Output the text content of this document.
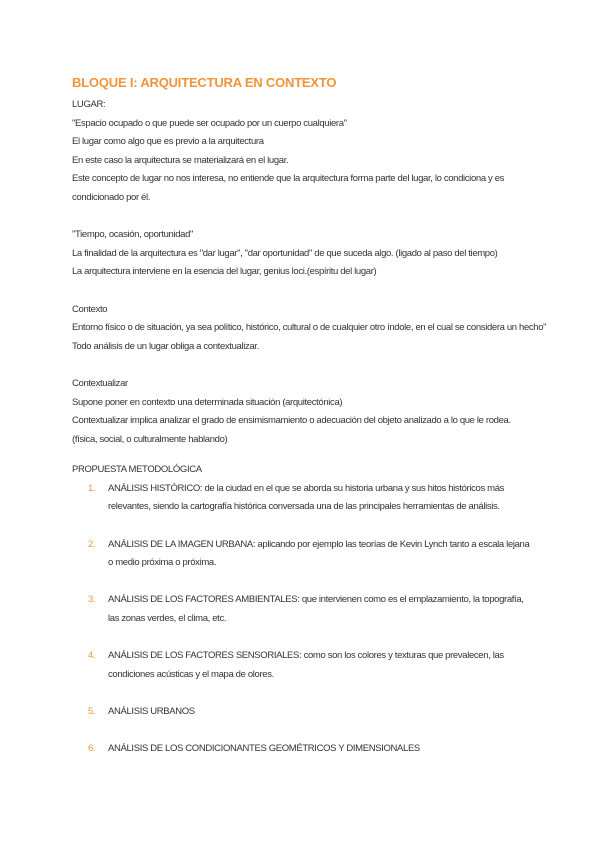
BLOQUE I: ARQUITECTURA EN CONTEXTO

LUGAR:

"Espacio ocupado o que puede ser ocupado por un cuerpo cualquiera"

El lugar como algo que es previo a la arquitectura

En este caso la arquitectura se materializará en el lugar.

Este concepto de lugar no nos interesa, no entiende que la arquitectura forma parte del lugar, lo condiciona y es condicionado por él.

"Tiempo, ocasión, oportunidad"

La finalidad de la arquitectura es "dar lugar", "dar oportunidad" de que suceda algo. (ligado al paso del tiempo)

La arquitectura interviene en la esencia del lugar, genius loci.(espíritu del lugar)

Contexto

Entorno físico o de situación, ya sea político, histórico, cultural o de cualquier otro índole, en el cual se considera un hecho"

Todo análisis de un lugar obliga a contextualizar.

Contextualizar

Supone poner en contexto una determinada situación (arquitectónica)

Contextualizar implica analizar el grado de ensimismamiento o adecuación del objeto analizado a lo que le rodea. (física, social, o culturalmente hablando)

PROPUESTA METODOLÓGICA

1. ANÁLISIS HISTÓRICO: de la ciudad en el que se aborda su historia urbana y sus hitos históricos más relevantes, siendo la cartografía histórica conversada una de las principales herramientas de análisis.
2. ANÁLISIS DE LA IMAGEN URBANA: aplicando por ejemplo las teorías de Kevin Lynch tanto a escala lejana o medio próxima o próxima.
3. ANÁLISIS DE LOS FACTORES AMBIENTALES: que intervienen como es el emplazamiento, la topografía, las zonas verdes, el clima, etc.
4. ANÁLISIS DE LOS FACTORES SENSORIALES: como son los colores y texturas que prevalecen, las condiciones acústicas y el mapa de olores.
5. ANÁLISIS URBANOS
6. ANÁLISIS DE LOS CONDICIONANTES GEOMÉTRICOS Y DIMENSIONALES
